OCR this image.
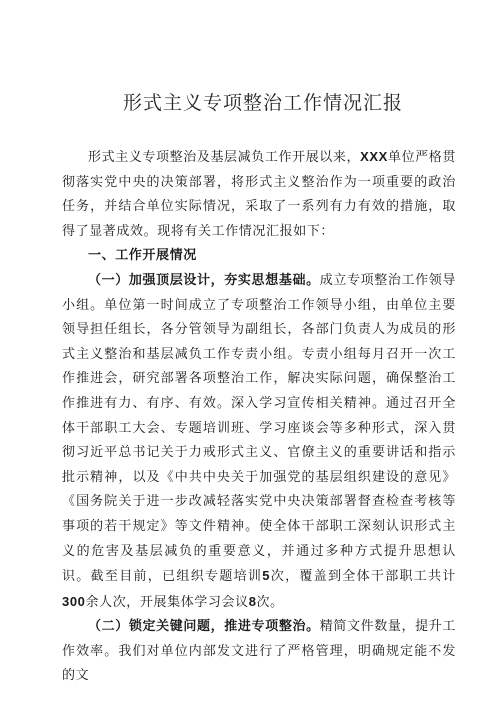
形式主义专项整治工作情况汇报

形式主义专项整治及基层减负工作开展以来，XXX单位严格贯彻落实党中央的决策部署，将形式主义整治作为一项重要的政治任务，并结合单位实际情况，采取了一系列有力有效的措施，取得了显著成效。现将有关工作情况汇报如下：

一、工作开展情况

（一）加强顶层设计，夯实思想基础。成立专项整治工作领导小组。单位第一时间成立了专项整治工作领导小组，由单位主要领导担任组长，各分管领导为副组长，各部门负责人为成员的形式主义整治和基层减负工作专责小组。专责小组每月召开一次工作推进会，研究部署各项整治工作，解决实际问题，确保整治工作推进有力、有序、有效。深入学习宣传相关精神。通过召开全体干部职工大会、专题培训班、学习座谈会等多种形式，深入贯彻习近平总书记关于力戒形式主义、官僚主义的重要讲话和指示批示精神，以及《中共中央关于加强党的基层组织建设的意见》《国务院关于进一步改减轻落实党中央决策部署督查检查考核等事项的若干规定》等文件精神。使全体干部职工深刻认识形式主义的危害及基层减负的重要意义，并通过多种方式提升思想认识。截至目前，已组织专题培训5次，覆盖到全体干部职工共计300余人次，开展集体学习会议8次。

（二）锁定关键问题，推进专项整治。精简文件数量，提升工作效率。我们对单位内部发文进行了严格管理，明确规定能不发的文
